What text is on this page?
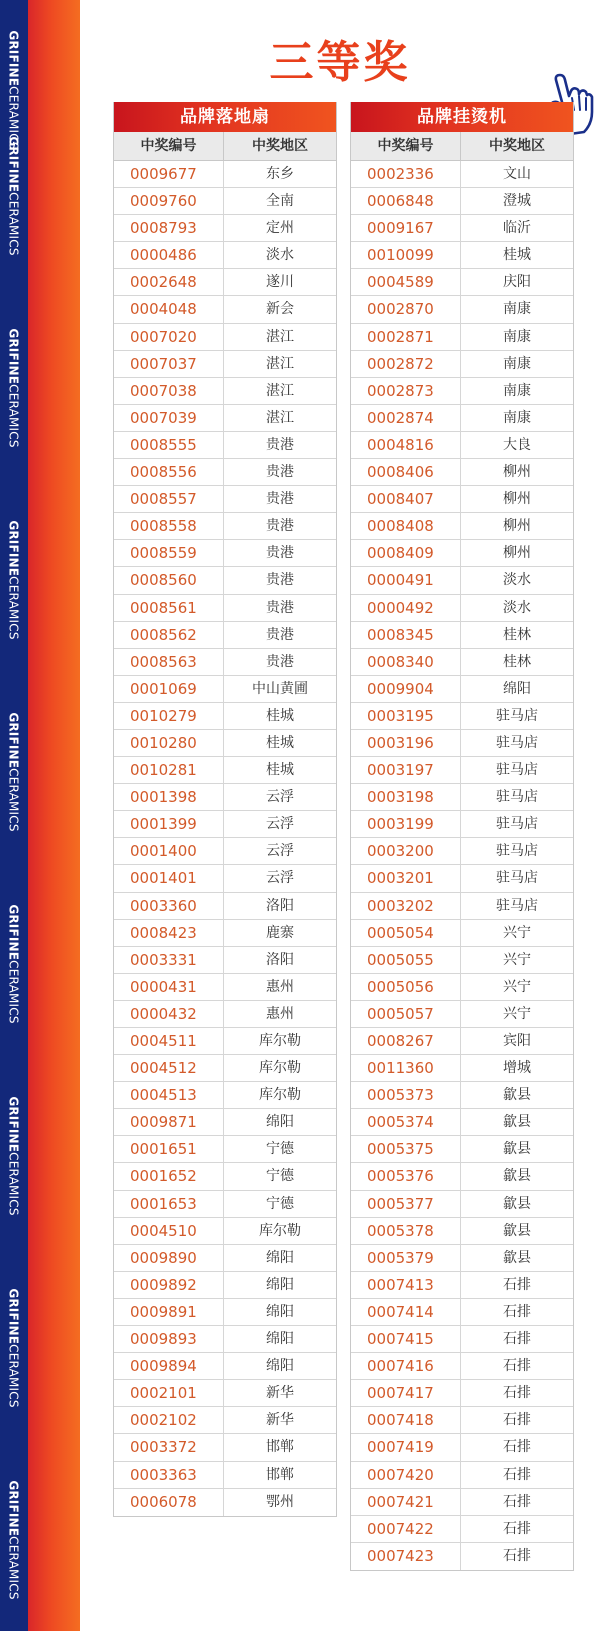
GRIFINECERAMICS
GRIFINECERAMICS
GRIFINECERAMICS
GRIFINECERAMICS
GRIFINECERAMICS
GRIFINECERAMICS
GRIFINECERAMICS
GRIFINECERAMICS
GRIFINECERAMICS
三等奖
品牌落地扇
中奖编号	中奖地区
0009677	东乡
0009760	全南
0008793	定州
0000486	淡水
0002648	遂川
0004048	新会
0007020	湛江
0007037	湛江
0007038	湛江
0007039	湛江
0008555	贵港
0008556	贵港
0008557	贵港
0008558	贵港
0008559	贵港
0008560	贵港
0008561	贵港
0008562	贵港
0008563	贵港
0001069	中山黄圃
0010279	桂城
0010280	桂城
0010281	桂城
0001398	云浮
0001399	云浮
0001400	云浮
0001401	云浮
0003360	洛阳
0008423	鹿寨
0003331	洛阳
0000431	惠州
0000432	惠州
0004511	库尔勒
0004512	库尔勒
0004513	库尔勒
0009871	绵阳
0001651	宁德
0001652	宁德
0001653	宁德
0004510	库尔勒
0009890	绵阳
0009892	绵阳
0009891	绵阳
0009893	绵阳
0009894	绵阳
0002101	新华
0002102	新华
0003372	邯郸
0003363	邯郸
0006078	鄂州
品牌挂烫机
中奖编号	中奖地区
0002336	文山
0006848	澄城
0009167	临沂
0010099	桂城
0004589	庆阳
0002870	南康
0002871	南康
0002872	南康
0002873	南康
0002874	南康
0004816	大良
0008406	柳州
0008407	柳州
0008408	柳州
0008409	柳州
0000491	淡水
0000492	淡水
0008345	桂林
0008340	桂林
0009904	绵阳
0003195	驻马店
0003196	驻马店
0003197	驻马店
0003198	驻马店
0003199	驻马店
0003200	驻马店
0003201	驻马店
0003202	驻马店
0005054	兴宁
0005055	兴宁
0005056	兴宁
0005057	兴宁
0008267	宾阳
0011360	增城
0005373	歙县
0005374	歙县
0005375	歙县
0005376	歙县
0005377	歙县
0005378	歙县
0005379	歙县
0007413	石排
0007414	石排
0007415	石排
0007416	石排
0007417	石排
0007418	石排
0007419	石排
0007420	石排
0007421	石排
0007422	石排
0007423	石排
